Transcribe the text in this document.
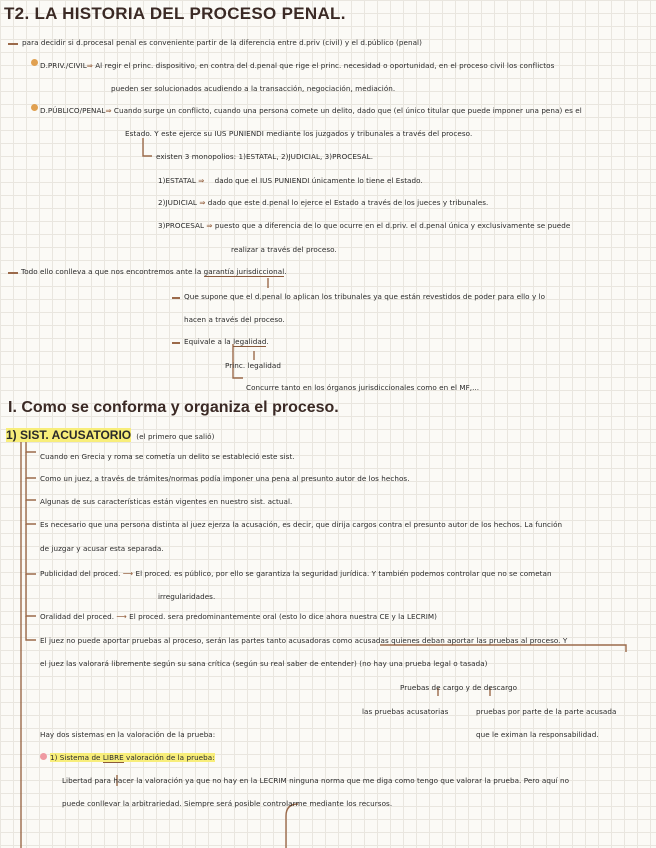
T2. LA HISTORIA DEL PROCESO PENAL.
para decidir si d.procesal penal es conveniente partir de la diferencia entre d.priv (civil) y el d.público (penal)
D.PRIV./CIVIL⇒ Al regir el princ. dispositivo, en contra del d.penal que rige el princ. necesidad o oportunidad, en el proceso civil los conflictos
pueden ser solucionados acudiendo a la transacción, negociación, mediación.
D.PÚBLICO/PENAL⇒ Cuando surge un conflicto, cuando una persona comete un delito, dado que (el único titular que puede imponer una pena) es el
Estado. Y este ejerce su IUS PUNIENDI mediante los juzgados y tribunales a través del proceso.
existen 3 monopolios: 1)ESTATAL, 2)JUDICIAL, 3)PROCESAL.
1)ESTATAL ⇒ dado que el IUS PUNIENDI únicamente lo tiene el Estado.
2)JUDICIAL ⇒ dado que este d.penal lo ejerce el Estado a través de los jueces y tribunales.
3)PROCESAL ⇒ puesto que a diferencia de lo que ocurre en el d.priv. el d.penal única y exclusivamente se puede
realizar a través del proceso.
Todo ello conlleva a que nos encontremos ante la garantía jurisdiccional.
Que supone que el d.penal lo aplican los tribunales ya que están revestidos de poder para ello y lo
hacen a través del proceso.
Equivale a la legalidad.
Princ. legalidad
Concurre tanto en los órganos jurisdiccionales como en el MF,...
I. Como se conforma y organiza el proceso.
1) SIST. ACUSATORIO (el primero que salió)
Cuando en Grecia y roma se cometía un delito se estableció este sist.
Como un juez, a través de trámites/normas podía imponer una pena al presunto autor de los hechos.
Algunas de sus características están vigentes en nuestro sist. actual.
Es necesario que una persona distinta al juez ejerza la acusación, es decir, que dirija cargos contra el presunto autor de los hechos. La función
de juzgar y acusar esta separada.
Publicidad del proced. ⟶ El proced. es público, por ello se garantiza la seguridad jurídica. Y también podemos controlar que no se cometan
irregularidades.
Oralidad del proced. ⟶ El proced. sera predominantemente oral (esto lo dice ahora nuestra CE y la LECRIM)
El juez no puede aportar pruebas al proceso, serán las partes tanto acusadoras como acusadas quienes deban aportar las pruebas al proceso. Y
el juez las valorará libremente según su sana crítica (según su real saber de entender) (no hay una prueba legal o tasada)
Pruebas de cargo y de descargo
las pruebas acusatorias	pruebas por parte de la parte acusada
que le eximan la responsabilidad.
Hay dos sistemas en la valoración de la prueba:
1) Sistema de LIBRE valoración de la prueba:
Libertad para hacer la valoración ya que no hay en la LECRIM ninguna norma que me diga como tengo que valorar la prueba. Pero aquí no
puede conllevar la arbitrariedad. Siempre será posible controlarme mediante los recursos.
